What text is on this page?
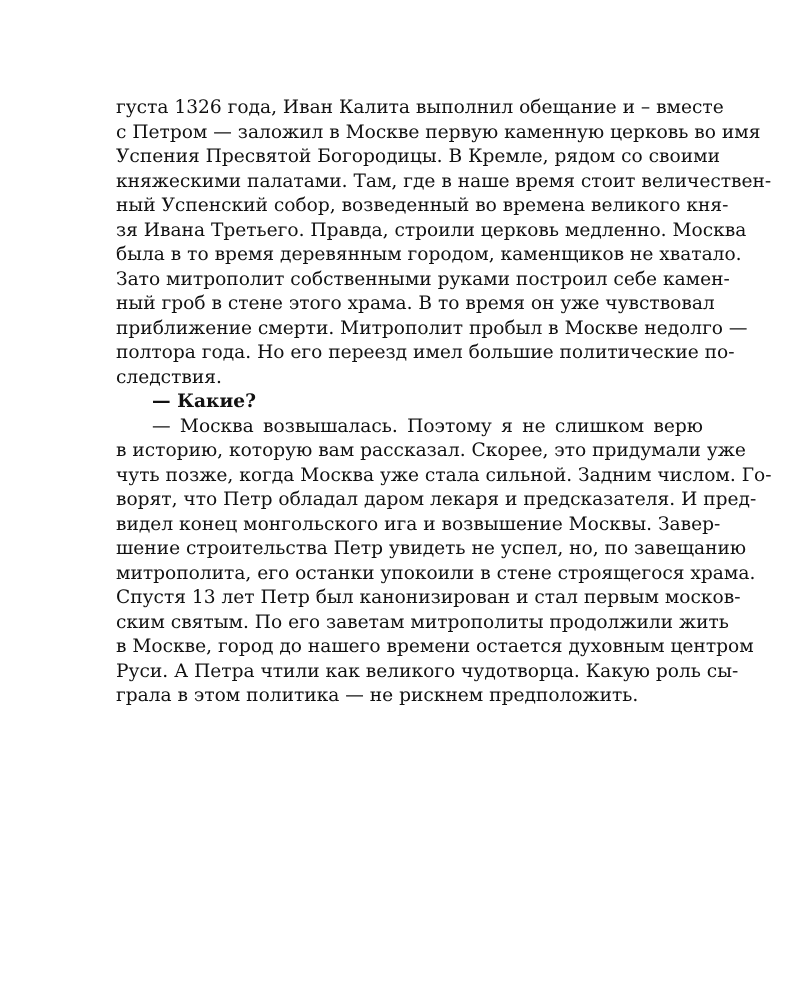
густа 1326 года, Иван Калита выполнил обещание и – вместе
с Петром — заложил в Москве первую каменную церковь во имя
Успения Пресвятой Богородицы. В Кремле, рядом со своими
княжескими палатами. Там, где в наше время стоит величествен-
ный Успенский собор, возведенный во времена великого кня-
зя Ивана Третьего. Правда, строили церковь медленно. Москва
была в то время деревянным городом, каменщиков не хватало.
Зато митрополит собственными руками построил себе камен-
ный гроб в стене этого храма. В то время он уже чувствовал
приближение смерти. Митрополит пробыл в Москве недолго —
полтора года. Но его переезд имел большие политические по-
следствия.
— Какие?
— Москва возвышалась. Поэтому я не слишком верю
в историю, которую вам рассказал. Скорее, это придумали уже
чуть позже, когда Москва уже стала сильной. Задним числом. Го-
ворят, что Петр обладал даром лекаря и предсказателя. И пред-
видел конец монгольского ига и возвышение Москвы. Завер-
шение строительства Петр увидеть не успел, но, по завещанию
митрополита, его останки упокоили в стене строящегося храма.
Спустя 13 лет Петр был канонизирован и стал первым москов-
ским святым. По его заветам митрополиты продолжили жить
в Москве, город до нашего времени остается духовным центром
Руси. А Петра чтили как великого чудотворца. Какую роль сы-
грала в этом политика — не рискнем предположить.
